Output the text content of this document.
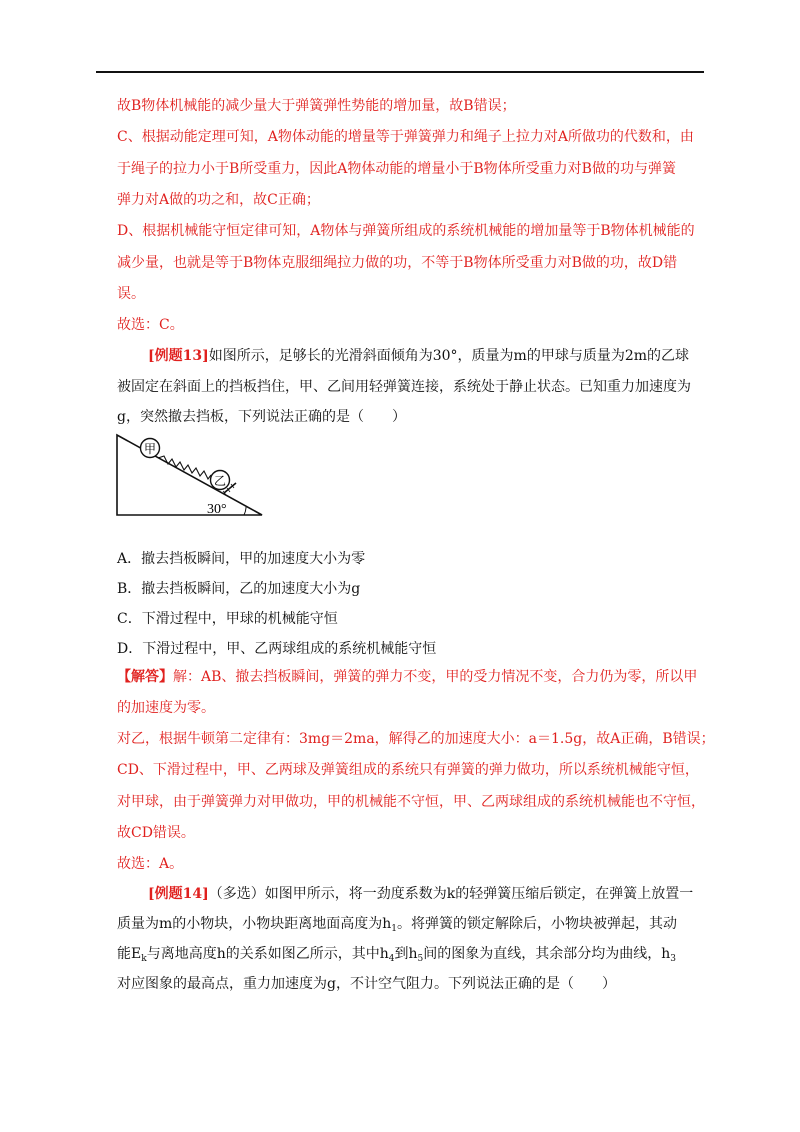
故B物体机械能的减少量大于弹簧弹性势能的增加量，故B错误；
C、根据动能定理可知，A物体动能的增量等于弹簧弹力和绳子上拉力对A所做功的代数和，由
于绳子的拉力小于B所受重力，因此A物体动能的增量小于B物体所受重力对B做的功与弹簧
弹力对A做的功之和，故C正确；
D、根据机械能守恒定律可知，A物体与弹簧所组成的系统机械能的增加量等于B物体机械能的
减少量，也就是等于B物体克服细绳拉力做的功，不等于B物体所受重力对B做的功，故D错
误。
故选：C。
[例题13]如图所示，足够长的光滑斜面倾角为30°，质量为m的甲球与质量为2m的乙球
被固定在斜面上的挡板挡住，甲、乙间用轻弹簧连接，系统处于静止状态。已知重力加速度为
g，突然撤去挡板，下列说法正确的是（　　）
甲
乙
30°
A．撤去挡板瞬间，甲的加速度大小为零
B．撤去挡板瞬间，乙的加速度大小为g
C．下滑过程中，甲球的机械能守恒
D．下滑过程中，甲、乙两球组成的系统机械能守恒
【解答】解：AB、撤去挡板瞬间，弹簧的弹力不变，甲的受力情况不变，合力仍为零，所以甲
的加速度为零。
对乙，根据牛顿第二定律有：3mg＝2ma，解得乙的加速度大小：a＝1.5g，故A正确，B错误；
CD、下滑过程中，甲、乙两球及弹簧组成的系统只有弹簧的弹力做功，所以系统机械能守恒，
对甲球，由于弹簧弹力对甲做功，甲的机械能不守恒，甲、乙两球组成的系统机械能也不守恒，
故CD错误。
故选：A。
[例题14]（多选）如图甲所示，将一劲度系数为k的轻弹簧压缩后锁定，在弹簧上放置一
质量为m的小物块，小物块距离地面高度为$h_1$。将弹簧的锁定解除后，小物块被弹起，其动
能$E_k$与离地高度h的关系如图乙所示，其中$h_4$到$h_5$间的图象为直线，其余部分均为曲线，$h_3$
对应图象的最高点，重力加速度为g，不计空气阻力。下列说法正确的是（　　）
